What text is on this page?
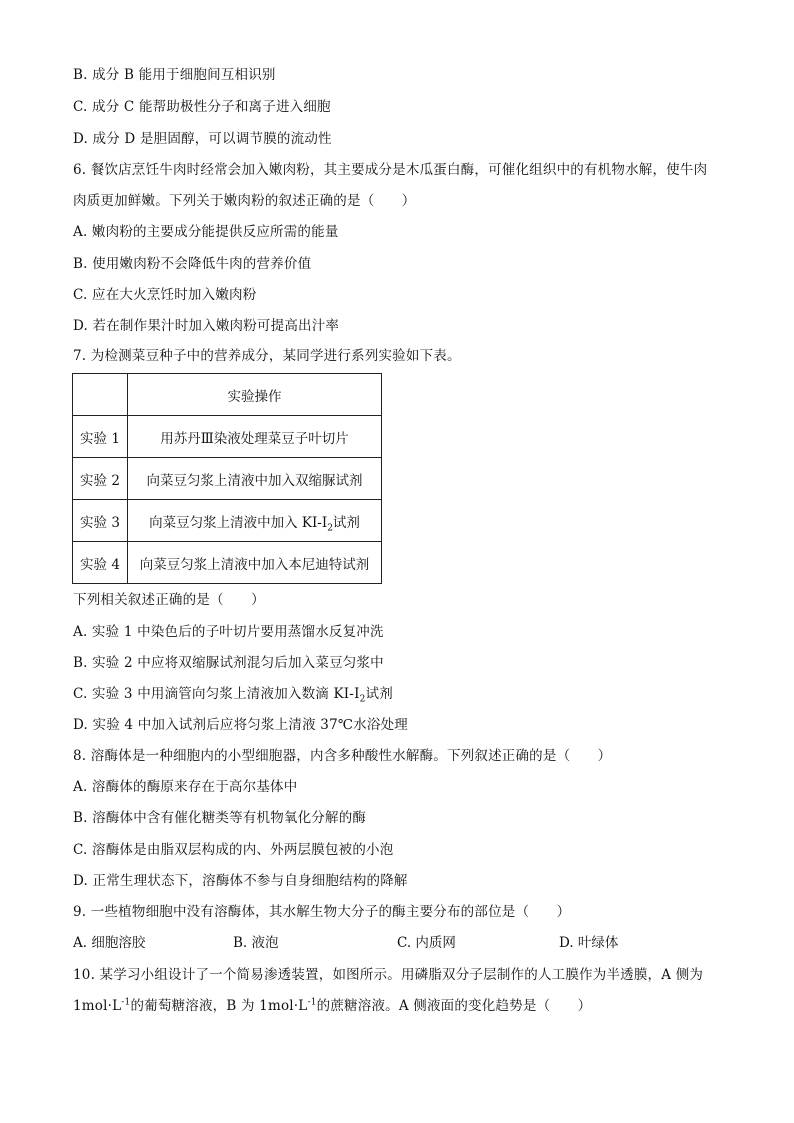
B. 成分 B 能用于细胞间互相识别
C. 成分 C 能帮助极性分子和离子进入细胞
D. 成分 D 是胆固醇，可以调节膜的流动性
6. 餐饮店烹饪牛肉时经常会加入嫩肉粉，其主要成分是木瓜蛋白酶，可催化组织中的有机物水解，使牛肉
肉质更加鲜嫩。下列关于嫩肉粉的叙述正确的是（　　）
A. 嫩肉粉的主要成分能提供反应所需的能量
B. 使用嫩肉粉不会降低牛肉的营养价值
C. 应在大火烹饪时加入嫩肉粉
D. 若在制作果汁时加入嫩肉粉可提高出汁率
7. 为检测菜豆种子中的营养成分，某同学进行系列实验如下表。
	实验操作
实验 1	用苏丹Ⅲ染液处理菜豆子叶切片
实验 2	向菜豆匀浆上清液中加入双缩脲试剂
实验 3	向菜豆匀浆上清液中加入 $KI-I_2$试剂
实验 4	向菜豆匀浆上清液中加入本尼迪特试剂
下列相关叙述正确的是（　　）
A. 实验 1 中染色后的子叶切片要用蒸馏水反复冲洗
B. 实验 2 中应将双缩脲试剂混匀后加入菜豆匀浆中
C. 实验 3 中用滴管向匀浆上清液加入数滴 $KI-I_2$试剂
D. 实验 4 中加入试剂后应将匀浆上清液 37℃水浴处理
8. 溶酶体是一种细胞内的小型细胞器，内含多种酸性水解酶。下列叙述正确的是（　　）
A. 溶酶体的酶原来存在于高尔基体中
B. 溶酶体中含有催化糖类等有机物氧化分解的酶
C. 溶酶体是由脂双层构成的内、外两层膜包被的小泡
D. 正常生理状态下，溶酶体不参与自身细胞结构的降解
9. 一些植物细胞中没有溶酶体，其水解生物大分子的酶主要分布的部位是（　　）
A. 细胞溶胶	B. 液泡	C. 内质网	D. 叶绿体
10. 某学习小组设计了一个简易渗透装置，如图所示。用磷脂双分子层制作的人工膜作为半透膜，A 侧为
$1mol\cdot L^{-1}$的葡萄糖溶液，B 为 $1mol\cdot L^{-1}$的蔗糖溶液。A 侧液面的变化趋势是（　　）
